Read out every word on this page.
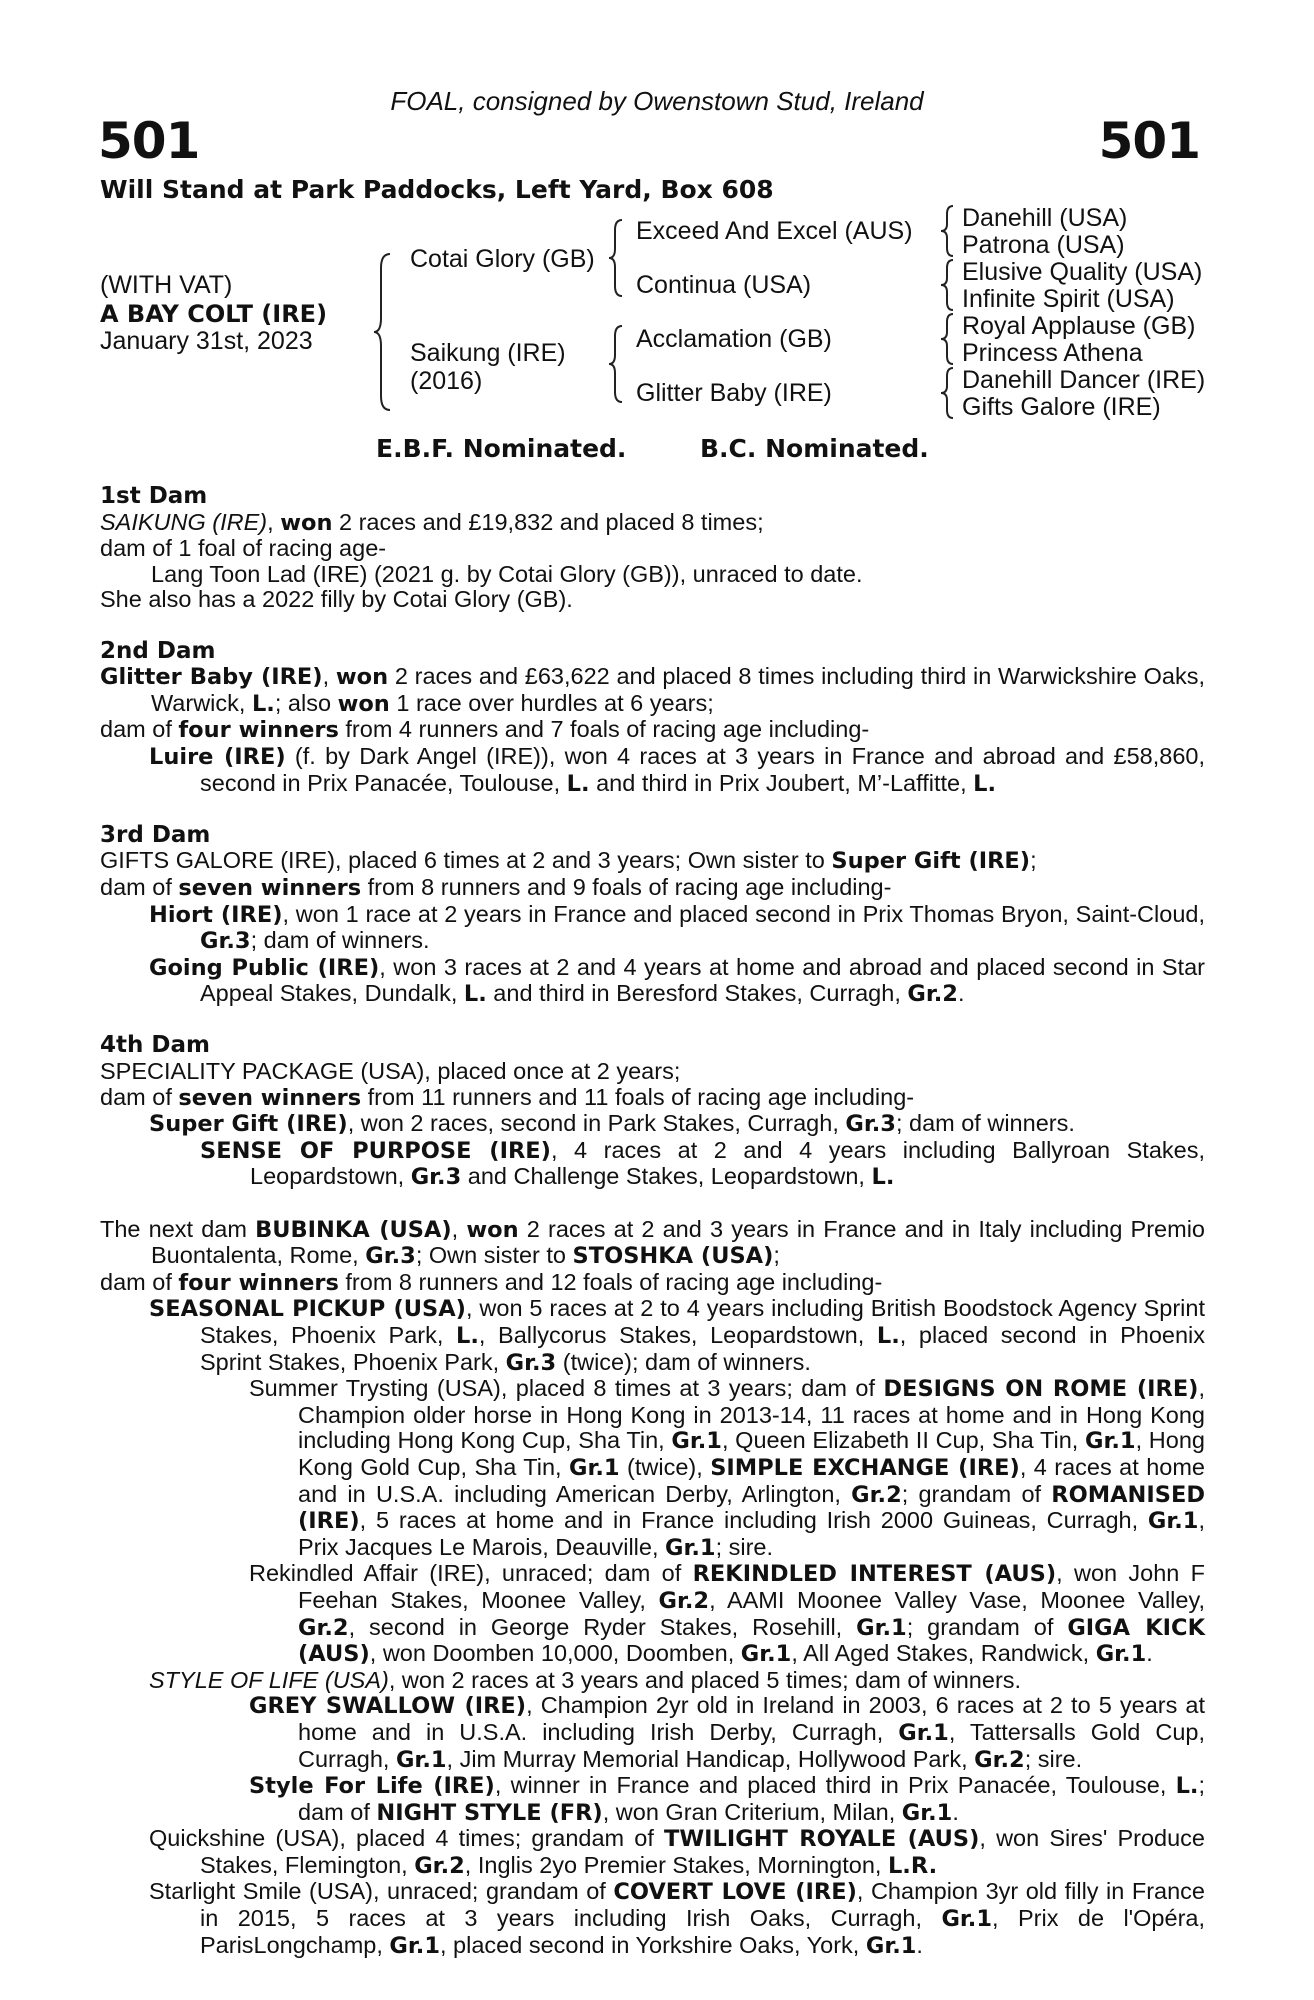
FOAL, consigned by Owenstown Stud, Ireland
501	501
Will Stand at Park Paddocks, Left Yard, Box 608
(WITH VAT)
A BAY COLT (IRE)
January 31st, 2023
Cotai Glory (GB)
Saikung (IRE)
(2016)
Exceed And Excel (AUS)
Continua (USA)
Acclamation (GB)
Glitter Baby (IRE)
Danehill (USA)
Patrona (USA)
Elusive Quality (USA)
Infinite Spirit (USA)
Royal Applause (GB)
Princess Athena
Danehill Dancer (IRE)
Gifts Galore (IRE)
E.B.F. Nominated.	B.C. Nominated.

1st Dam

SAIKUNG (IRE), won 2 races and £19,832 and placed 8 times;

dam of 1 foal of racing age-

Lang Toon Lad (IRE) (2021 g. by Cotai Glory (GB)), unraced to date.

She also has a 2022 filly by Cotai Glory (GB).

2nd Dam

Glitter Baby (IRE), won 2 races and £63,622 and placed 8 times including third in Warwickshire Oaks, Warwick, L.; also won 1 race over hurdles at 6 years;

dam of four winners from 4 runners and 7 foals of racing age including-

Luire (IRE) (f. by Dark Angel (IRE)), won 4 races at 3 years in France and abroad and £58,860, second in Prix Panacée, Toulouse, L. and third in Prix Joubert, M’-Laffitte, L.

3rd Dam

GIFTS GALORE (IRE), placed 6 times at 2 and 3 years; Own sister to Super Gift (IRE);

dam of seven winners from 8 runners and 9 foals of racing age including-

Hiort (IRE), won 1 race at 2 years in France and placed second in Prix Thomas Bryon, Saint-Cloud, Gr.3; dam of winners.

Going Public (IRE), won 3 races at 2 and 4 years at home and abroad and placed second in Star Appeal Stakes, Dundalk, L. and third in Beresford Stakes, Curragh, Gr.2.

4th Dam

SPECIALITY PACKAGE (USA), placed once at 2 years;

dam of seven winners from 11 runners and 11 foals of racing age including-

Super Gift (IRE), won 2 races, second in Park Stakes, Curragh, Gr.3; dam of winners.

SENSE OF PURPOSE (IRE), 4 races at 2 and 4 years including Ballyroan Stakes, Leopardstown, Gr.3 and Challenge Stakes, Leopardstown, L.

The next dam BUBINKA (USA), won 2 races at 2 and 3 years in France and in Italy including Premio Buontalenta, Rome, Gr.3; Own sister to STOSHKA (USA);

dam of four winners from 8 runners and 12 foals of racing age including-

SEASONAL PICKUP (USA), won 5 races at 2 to 4 years including British Boodstock Agency Sprint Stakes, Phoenix Park, L., Ballycorus Stakes, Leopardstown, L., placed second in Phoenix Sprint Stakes, Phoenix Park, Gr.3 (twice); dam of winners.

Summer Trysting (USA), placed 8 times at 3 years; dam of DESIGNS ON ROME (IRE), Champion older horse in Hong Kong in 2013-14, 11 races at home and in Hong Kong including Hong Kong Cup, Sha Tin, Gr.1, Queen Elizabeth II Cup, Sha Tin, Gr.1, Hong Kong Gold Cup, Sha Tin, Gr.1 (twice), SIMPLE EXCHANGE (IRE), 4 races at home and in U.S.A. including American Derby, Arlington, Gr.2; grandam of ROMANISED (IRE), 5 races at home and in France including Irish 2000 Guineas, Curragh, Gr.1, Prix Jacques Le Marois, Deauville, Gr.1; sire.

Rekindled Affair (IRE), unraced; dam of REKINDLED INTEREST (AUS), won John F Feehan Stakes, Moonee Valley, Gr.2, AAMI Moonee Valley Vase, Moonee Valley, Gr.2, second in George Ryder Stakes, Rosehill, Gr.1; grandam of GIGA KICK (AUS), won Doomben 10,000, Doomben, Gr.1, All Aged Stakes, Randwick, Gr.1.

STYLE OF LIFE (USA), won 2 races at 3 years and placed 5 times; dam of winners.

GREY SWALLOW (IRE), Champion 2yr old in Ireland in 2003, 6 races at 2 to 5 years at home and in U.S.A. including Irish Derby, Curragh, Gr.1, Tattersalls Gold Cup, Curragh, Gr.1, Jim Murray Memorial Handicap, Hollywood Park, Gr.2; sire.

Style For Life (IRE), winner in France and placed third in Prix Panacée, Toulouse, L.; dam of NIGHT STYLE (FR), won Gran Criterium, Milan, Gr.1.

Quickshine (USA), placed 4 times; grandam of TWILIGHT ROYALE (AUS), won Sires' Produce Stakes, Flemington, Gr.2, Inglis 2yo Premier Stakes, Mornington, L.R.

Starlight Smile (USA), unraced; grandam of COVERT LOVE (IRE), Champion 3yr old filly in France in 2015, 5 races at 3 years including Irish Oaks, Curragh, Gr.1, Prix de l'Opéra, ParisLongchamp, Gr.1, placed second in Yorkshire Oaks, York, Gr.1.
